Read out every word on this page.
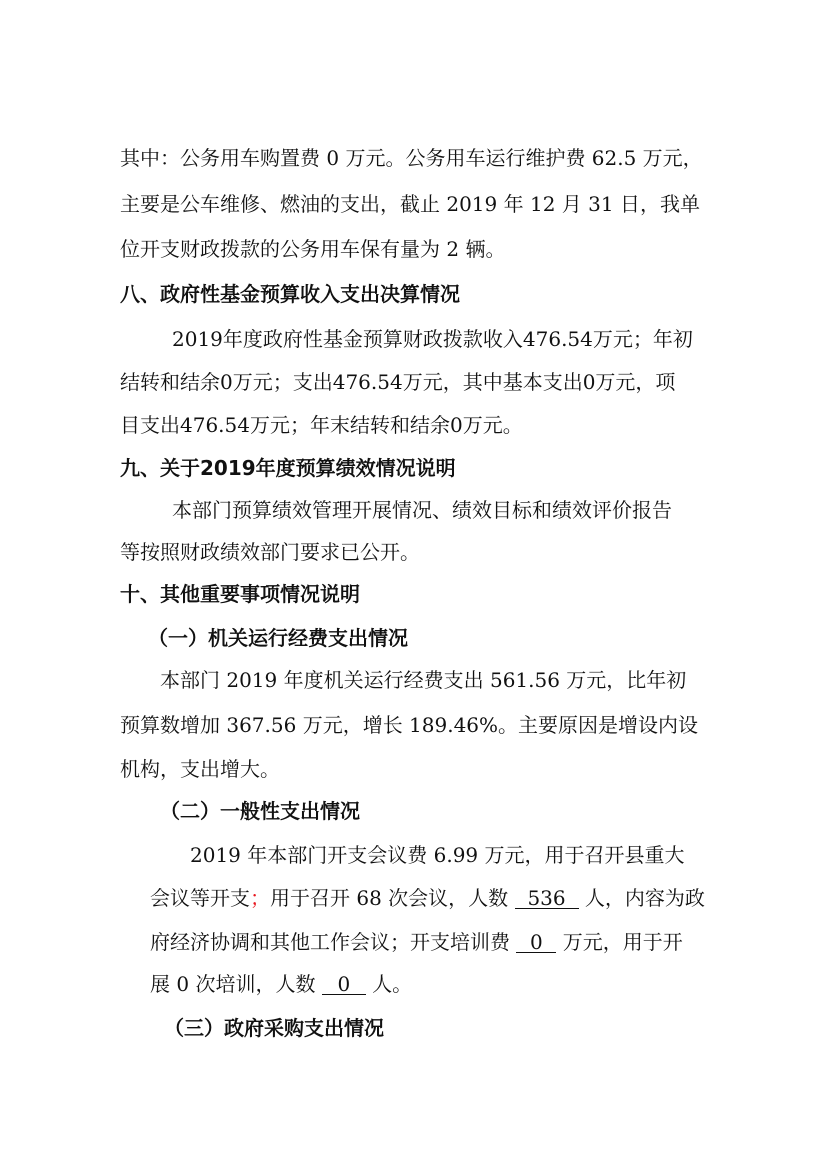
其中：公务用车购置费 0 万元。公务用车运行维护费 62.5 万元，
主要是公车维修、燃油的支出，截止 2019 年 12 月 31 日，我单
位开支财政拨款的公务用车保有量为 2 辆。
八、政府性基金预算收入支出决算情况
2019年度政府性基金预算财政拨款收入476.54万元；年初
结转和结余0万元；支出476.54万元，其中基本支出0万元，项
目支出476.54万元；年末结转和结余0万元。
九、关于2019年度预算绩效情况说明
本部门预算绩效管理开展情况、绩效目标和绩效评价报告
等按照财政绩效部门要求已公开。
十、其他重要事项情况说明
（一）机关运行经费支出情况
本部门 2019 年度机关运行经费支出 561.56 万元，比年初
预算数增加 367.56 万元，增长 189.46%。主要原因是增设内设
机构，支出增大。
（二）一般性支出情况
2019 年本部门开支会议费 6.99 万元，用于召开县重大
会议等开支；用于召开 68 次会议，人数 536 人，内容为政
府经济协调和其他工作会议；开支培训费 0 万元，用于开
展 0 次培训，人数 0 人。
（三）政府采购支出情况
